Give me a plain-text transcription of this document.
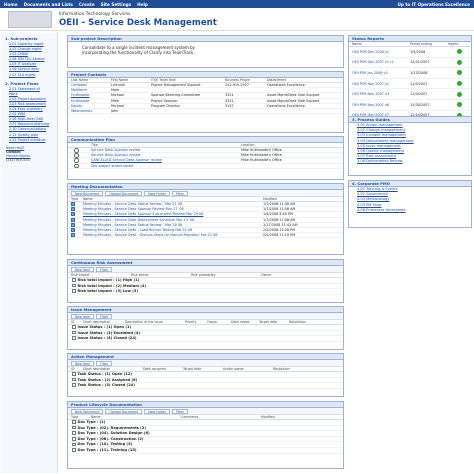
Home Documents and Lists Create Site Settings Help	Up to IT Operations Excellence
Information Technology Services
OEII - Service Desk Management
1. Sub-projects
1.01 Capacity mgmt
1.02 Change mgmt
1.03 CMDB
1.04 ISM TEC-Serena
1.05 IT Analyzer
1.06 Service desk
1.07 SLA mgmt
2. Project Plans
2.01 Statement of Work
2.02 Project approach
2.03 Risk assessment
2.04 Exec summary
2.05 WBS
2.06 High-level OBS
2.07 Resource planning
2.10 Communications
2.11 Quality plan
2.12 Project schedule
Need Help?
Contact:
Michael Kaplan
(212) 919-3157
Sub-project Description
Consolidate to a single incident management system by incorporating the functionality of Clarify into TeamTrack.
Project Contacts
Last Name	First Name	ITOE Team Role	Business Phone	Department
Campbell	Lorraine	Project Management Support	212-919-2927	Operations Excellence
Mahlbeck	Mark
Hulthwaite	Michael	Sponsor/Steering Committee	3321	Asset Mgmt/Desk Side Support
Hulthwaite	Mike	Project Sponsor	3321	Asset Mgmt/Desk Side Support
Kaplan	Michael	Program Director	3157	Operations Excellence
Waanszmotc	John
Communication Plan
Title	Location
Service Desk-Sponsor review	Mike Hulthwaite's Office
Service Desk-Sponsor review	Mike Hulthwaite's Office
CANCELLED-Service Desk-Sponsor review	Mike Hulthwaite's Office
Sub-project status report
Meeting Documentation
New Document	Upload Document	New Folder	Filter
Type	Name	Modified
Meeting Minutes - Service Desk Status Review - Mar 21 08	1/7/2008 11:38 AM
Meeting Minutes - Service Desk Sponsor Review Mar 17 '08	1/7/2008 11:58 AM
Meeting Minutes - Service Desk Sponsor Sub-project Review Mar 29 08	1/4/2008 4:45 PM
Meeting Minutes - Service Desk Deployment Schedule Mar 13 '08	1/7/2008 11:58 AM
Meeting Minutes - Service Desk Status Review - Mar 28 08	1/17/2008 11:43 AM
Meeting Minutes - Service Desk - Load Runner Testing Feb 22 08	2/4/2008 11:28 PM
Meeting Minutes - Service Desk - Discuss Steps for Manual Migration Feb 21 08	2/4/2008 11:19 PM
Continuous Risk Assessment
New Item	Filter
Risk impact	Risk status	Risk probability	Owner
Risk total impact : (1) High (1)
Risk total impact : (2) Medium (4)
Risk total impact : (3) Low (3)
Issue Management
New Item	Filter
ID	Short description	Description of the issue	Priority	Owner	Date raised	Target date	Resolution
Issue Status : (1) Open (1)
Issue Status : (3) Escalated (4)
Issue Status : (4) Closed (24)
Action Management
New Item	Filter
ID	Short description	Date assigned	Target date	Action owner	Resolution
Task Status : (1) Open (12)
Task Status : (2) Assigned (8)
Task Status : (3) Closed (24)
Product Lifecycle Documentation
New Document	Upload Document	New Folder	Filter
Type	Name	Comments	Modified
Doc Type : (1)
Doc Type : (02). Requirements (2)
Doc Type : (04). Solution Design (6)
Doc Type : (08). Construction (2)
Doc Type : (10). Testing (5)
Doc Type : (11). Training (15)
Status Reports
Name	Period ending	Health
OEII PSR Dec 2008 v1	1/5/2008
OEII PSR Dec 2007 v1 r1	12/31/2007
OEII PSR Jan 2008 v3	1/13/2008
OEII PSR Nov 2007 v1	11/3/2007
OEII PSR Nov 2007 v3	11/9/2007
OEII PSR Nov 2007 v6	11/30/2007
3. Process Guides
3.01 Action management
3.02 Change management
3.03 Incident management
3.04 Deliverables management
3.05 Issue management
3.06 Quality management
3.07 Risk assessment
3.08 Deliverables Review
4. Corporate PMO
4.01 Training & Events
4.02 Governance
4.04 Methodology
4.05 PM Tools
4.06 Primavera timesheets
